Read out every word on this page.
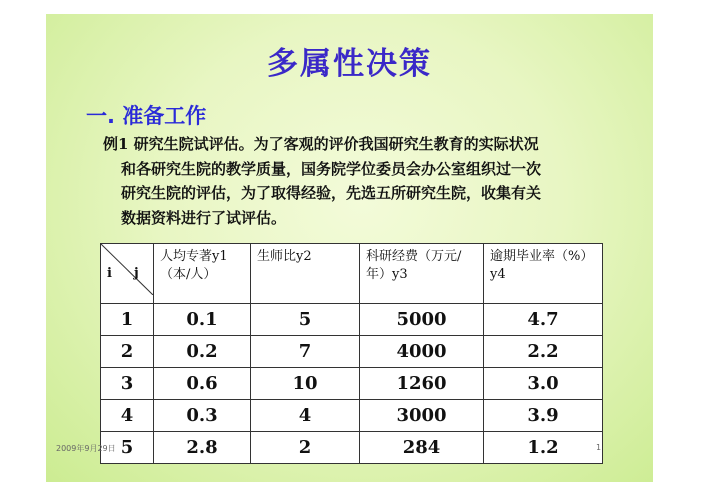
多属性决策
一. 准备工作
例1 研究生院试评估。为了客观的评价我国研究生教育的实际状况
和各研究生院的教学质量，国务院学位委员会办公室组织过一次
研究生院的评估，为了取得经验，先选五所研究生院，收集有关
数据资料进行了试评估。
i j	人均专著y1（本/人）	生师比y2	科研经费（万元/年）y3	逾期毕业率（%）y4
1	0.1	5	5000	4.7
2	0.2	7	4000	2.2
3	0.6	10	1260	3.0
4	0.3	4	3000	3.9
5	2.8	2	284	1.2
2009年9月29日	1
